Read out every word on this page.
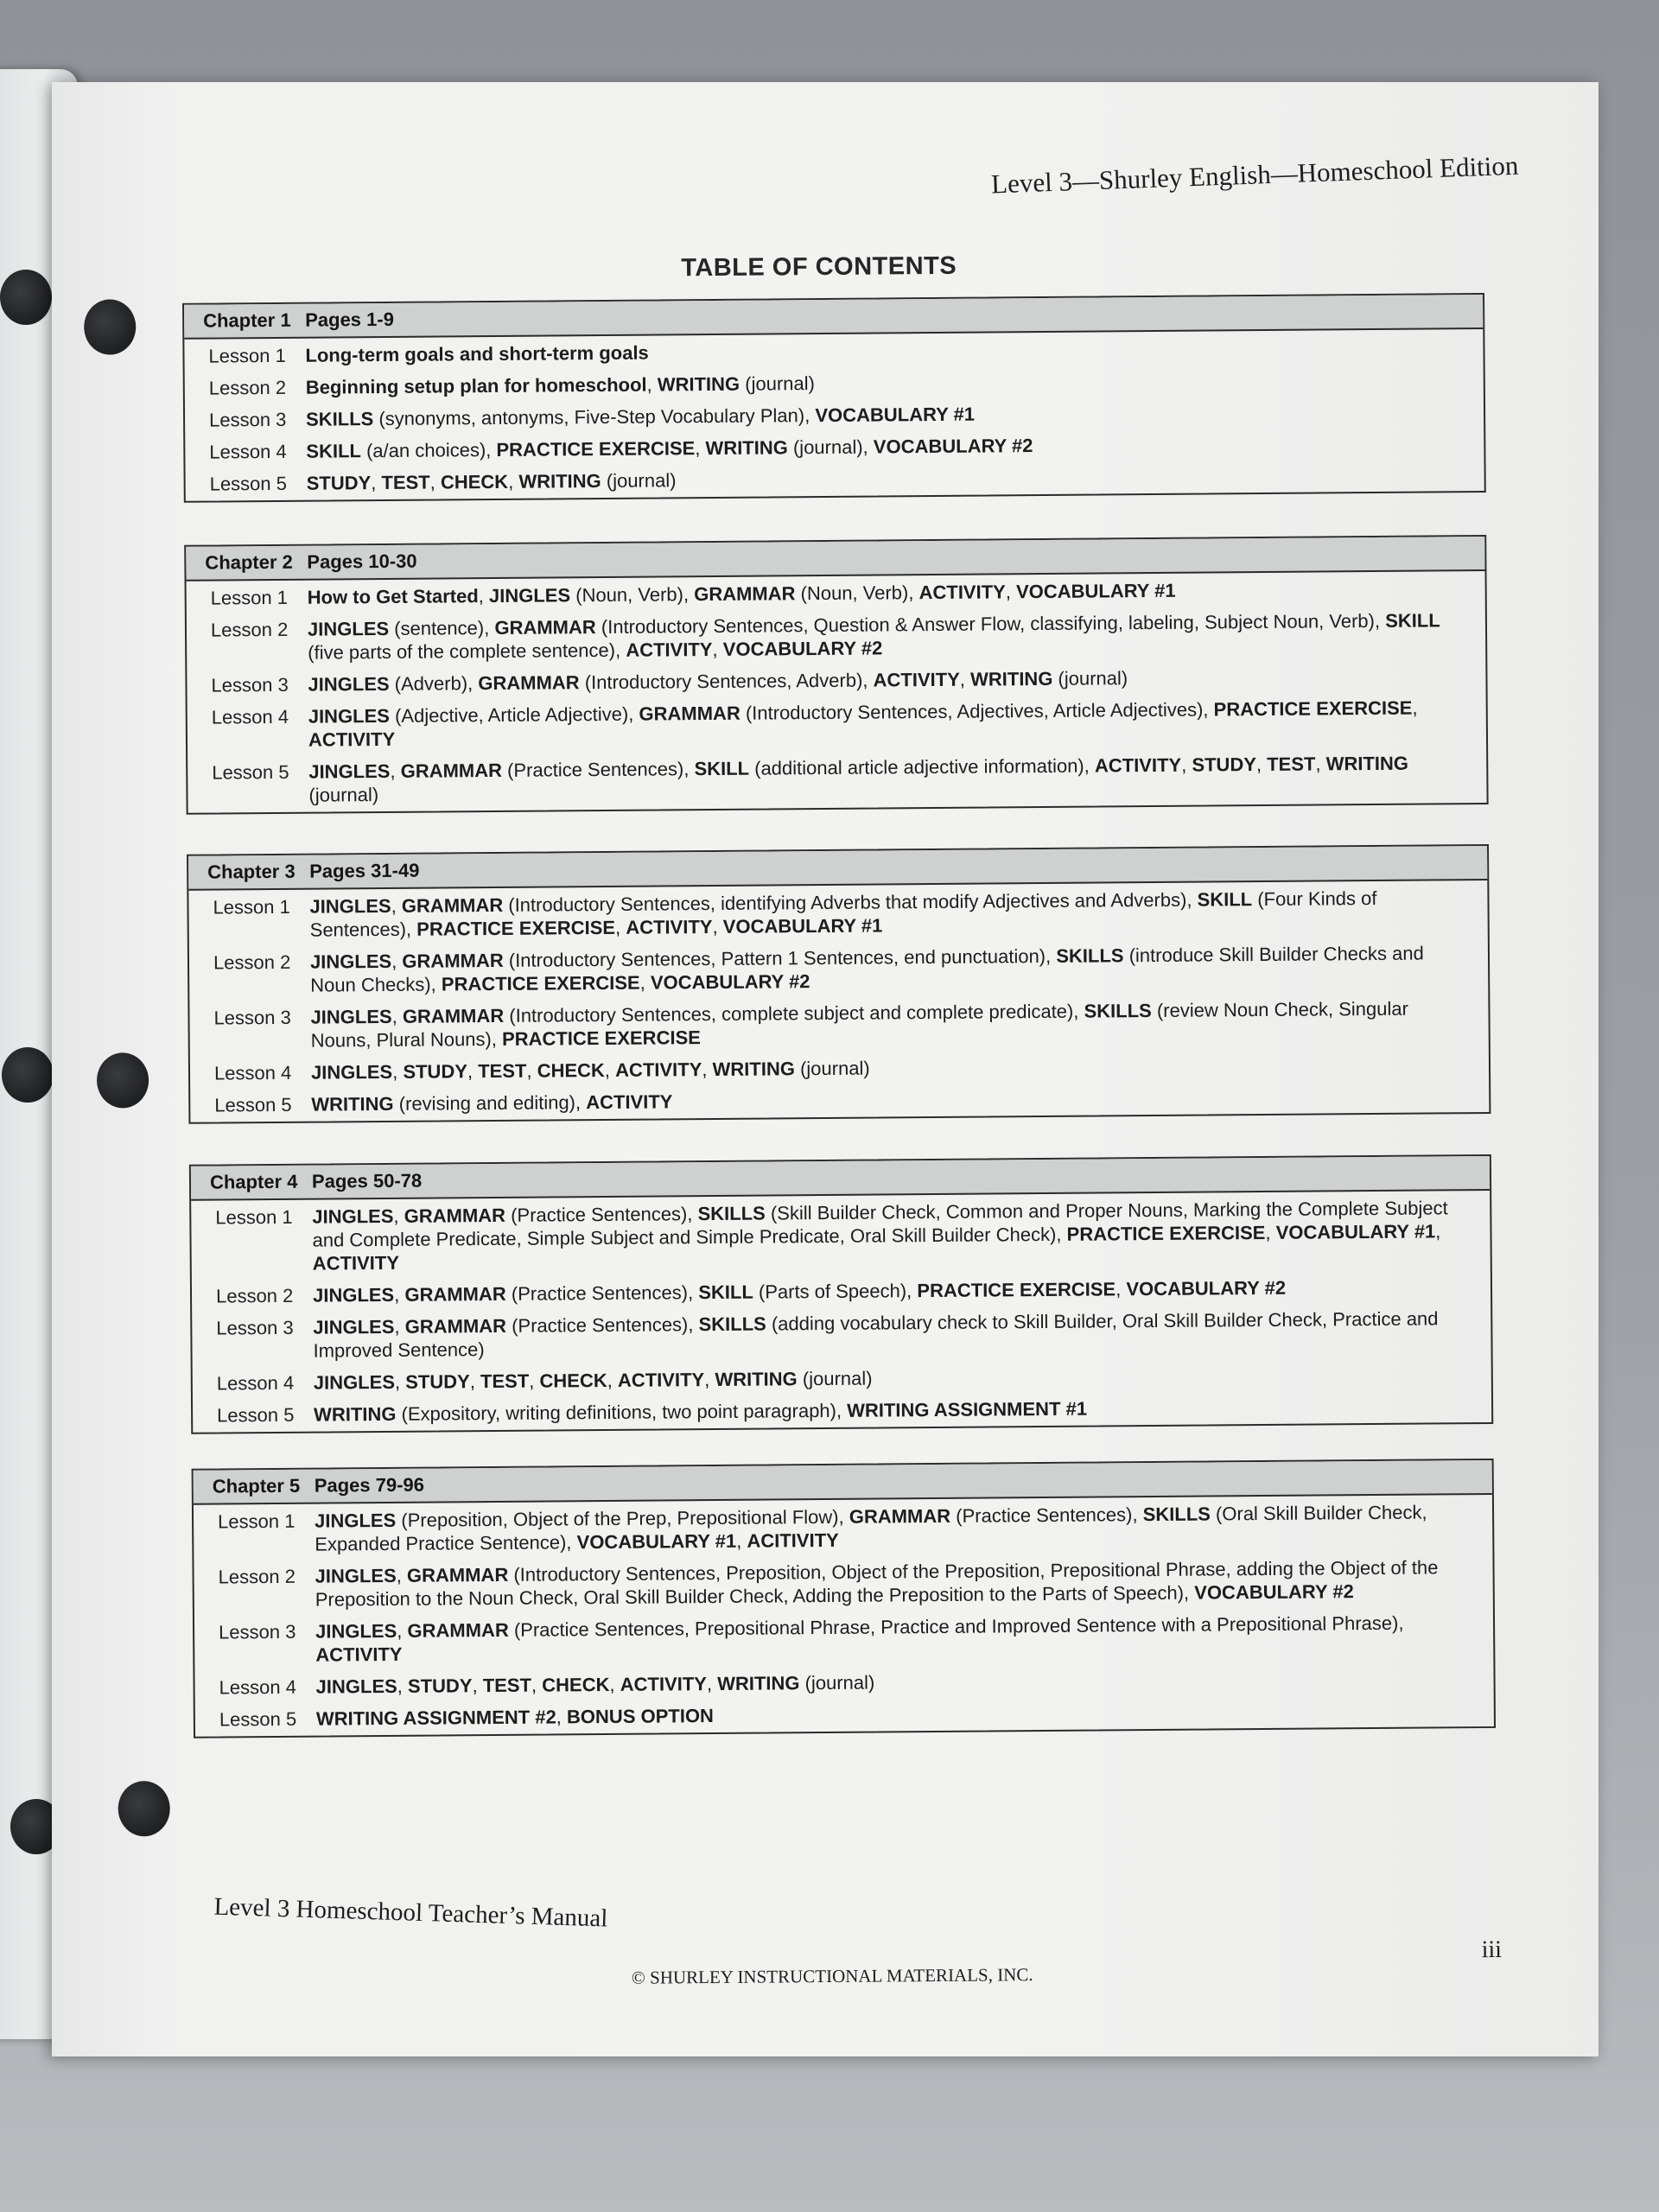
Level 3—Shurley English—Homeschool Edition
TABLE OF CONTENTS
Chapter 1 Pages 1-9
Lesson 1	Long-term goals and short-term goals
Lesson 2	Beginning setup plan for homeschool, WRITING (journal)
Lesson 3	SKILLS (synonyms, antonyms, Five-Step Vocabulary Plan), VOCABULARY #1
Lesson 4	SKILL (a/an choices), PRACTICE EXERCISE, WRITING (journal), VOCABULARY #2
Lesson 5	STUDY, TEST, CHECK, WRITING (journal)
Chapter 2 Pages 10-30
Lesson 1	How to Get Started, JINGLES (Noun, Verb), GRAMMAR (Noun, Verb), ACTIVITY, VOCABULARY #1
Lesson 2	JINGLES (sentence), GRAMMAR (Introductory Sentences, Question & Answer Flow, classifying, labeling, Subject Noun, Verb), SKILL (five parts of the complete sentence), ACTIVITY, VOCABULARY #2
Lesson 3	JINGLES (Adverb), GRAMMAR (Introductory Sentences, Adverb), ACTIVITY, WRITING (journal)
Lesson 4	JINGLES (Adjective, Article Adjective), GRAMMAR (Introductory Sentences, Adjectives, Article Adjectives), PRACTICE EXERCISE, ACTIVITY
Lesson 5	JINGLES, GRAMMAR (Practice Sentences), SKILL (additional article adjective information), ACTIVITY, STUDY, TEST, WRITING (journal)
Chapter 3 Pages 31-49
Lesson 1	JINGLES, GRAMMAR (Introductory Sentences, identifying Adverbs that modify Adjectives and Adverbs), SKILL (Four Kinds of Sentences), PRACTICE EXERCISE, ACTIVITY, VOCABULARY #1
Lesson 2	JINGLES, GRAMMAR (Introductory Sentences, Pattern 1 Sentences, end punctuation), SKILLS (introduce Skill Builder Checks and Noun Checks), PRACTICE EXERCISE, VOCABULARY #2
Lesson 3	JINGLES, GRAMMAR (Introductory Sentences, complete subject and complete predicate), SKILLS (review Noun Check, Singular Nouns, Plural Nouns), PRACTICE EXERCISE
Lesson 4	JINGLES, STUDY, TEST, CHECK, ACTIVITY, WRITING (journal)
Lesson 5	WRITING (revising and editing), ACTIVITY
Chapter 4 Pages 50-78
Lesson 1	JINGLES, GRAMMAR (Practice Sentences), SKILLS (Skill Builder Check, Common and Proper Nouns, Marking the Complete Subject and Complete Predicate, Simple Subject and Simple Predicate, Oral Skill Builder Check), PRACTICE EXERCISE, VOCABULARY #1, ACTIVITY
Lesson 2	JINGLES, GRAMMAR (Practice Sentences), SKILL (Parts of Speech), PRACTICE EXERCISE, VOCABULARY #2
Lesson 3	JINGLES, GRAMMAR (Practice Sentences), SKILLS (adding vocabulary check to Skill Builder, Oral Skill Builder Check, Practice and Improved Sentence)
Lesson 4	JINGLES, STUDY, TEST, CHECK, ACTIVITY, WRITING (journal)
Lesson 5	WRITING (Expository, writing definitions, two point paragraph), WRITING ASSIGNMENT #1
Chapter 5 Pages 79-96
Lesson 1	JINGLES (Preposition, Object of the Prep, Prepositional Flow), GRAMMAR (Practice Sentences), SKILLS (Oral Skill Builder Check, Expanded Practice Sentence), VOCABULARY #1, ACITIVITY
Lesson 2	JINGLES, GRAMMAR (Introductory Sentences, Preposition, Object of the Preposition, Prepositional Phrase, adding the Object of the Preposition to the Noun Check, Oral Skill Builder Check, Adding the Preposition to the Parts of Speech), VOCABULARY #2
Lesson 3	JINGLES, GRAMMAR (Practice Sentences, Prepositional Phrase, Practice and Improved Sentence with a Prepositional Phrase), ACTIVITY
Lesson 4	JINGLES, STUDY, TEST, CHECK, ACTIVITY, WRITING (journal)
Lesson 5	WRITING ASSIGNMENT #2, BONUS OPTION
Level 3 Homeschool Teacher’s Manual
iii
© SHURLEY INSTRUCTIONAL MATERIALS, INC.
